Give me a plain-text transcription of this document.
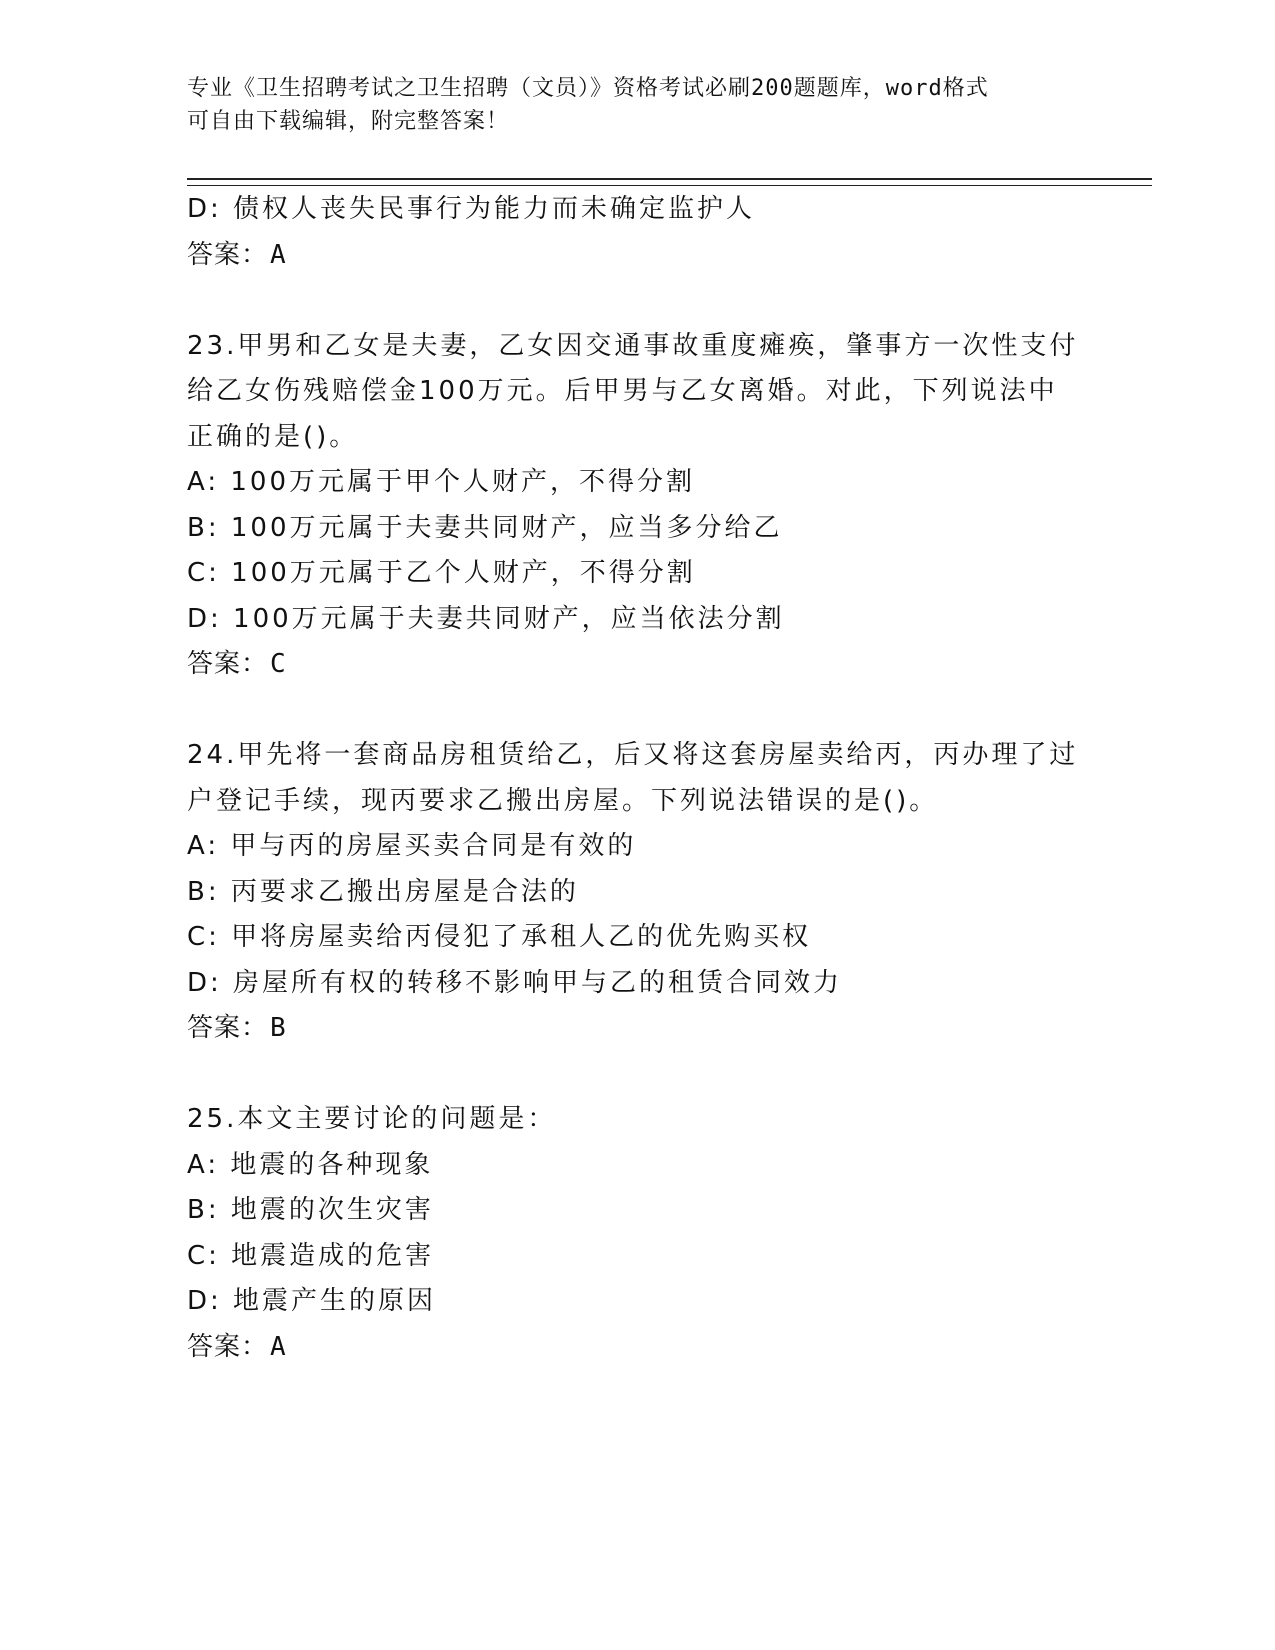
专业《卫生招聘考试之卫生招聘（文员）》资格考试必刷200题题库，word格式
可自由下载编辑，附完整答案！
D: 债权人丧失民事行为能力而未确定监护人
答案：A
23.甲男和乙女是夫妻，乙女因交通事故重度瘫痪，肇事方一次性支付
给乙女伤残赔偿金100万元。后甲男与乙女离婚。对此，下列说法中
正确的是()。
A: 100万元属于甲个人财产，不得分割
B: 100万元属于夫妻共同财产，应当多分给乙
C: 100万元属于乙个人财产，不得分割
D: 100万元属于夫妻共同财产，应当依法分割
答案：C
24.甲先将一套商品房租赁给乙，后又将这套房屋卖给丙，丙办理了过
户登记手续，现丙要求乙搬出房屋。下列说法错误的是()。
A: 甲与丙的房屋买卖合同是有效的
B: 丙要求乙搬出房屋是合法的
C: 甲将房屋卖给丙侵犯了承租人乙的优先购买权
D: 房屋所有权的转移不影响甲与乙的租赁合同效力
答案：B
25.本文主要讨论的问题是：
A: 地震的各种现象
B: 地震的次生灾害
C: 地震造成的危害
D: 地震产生的原因
答案：A
